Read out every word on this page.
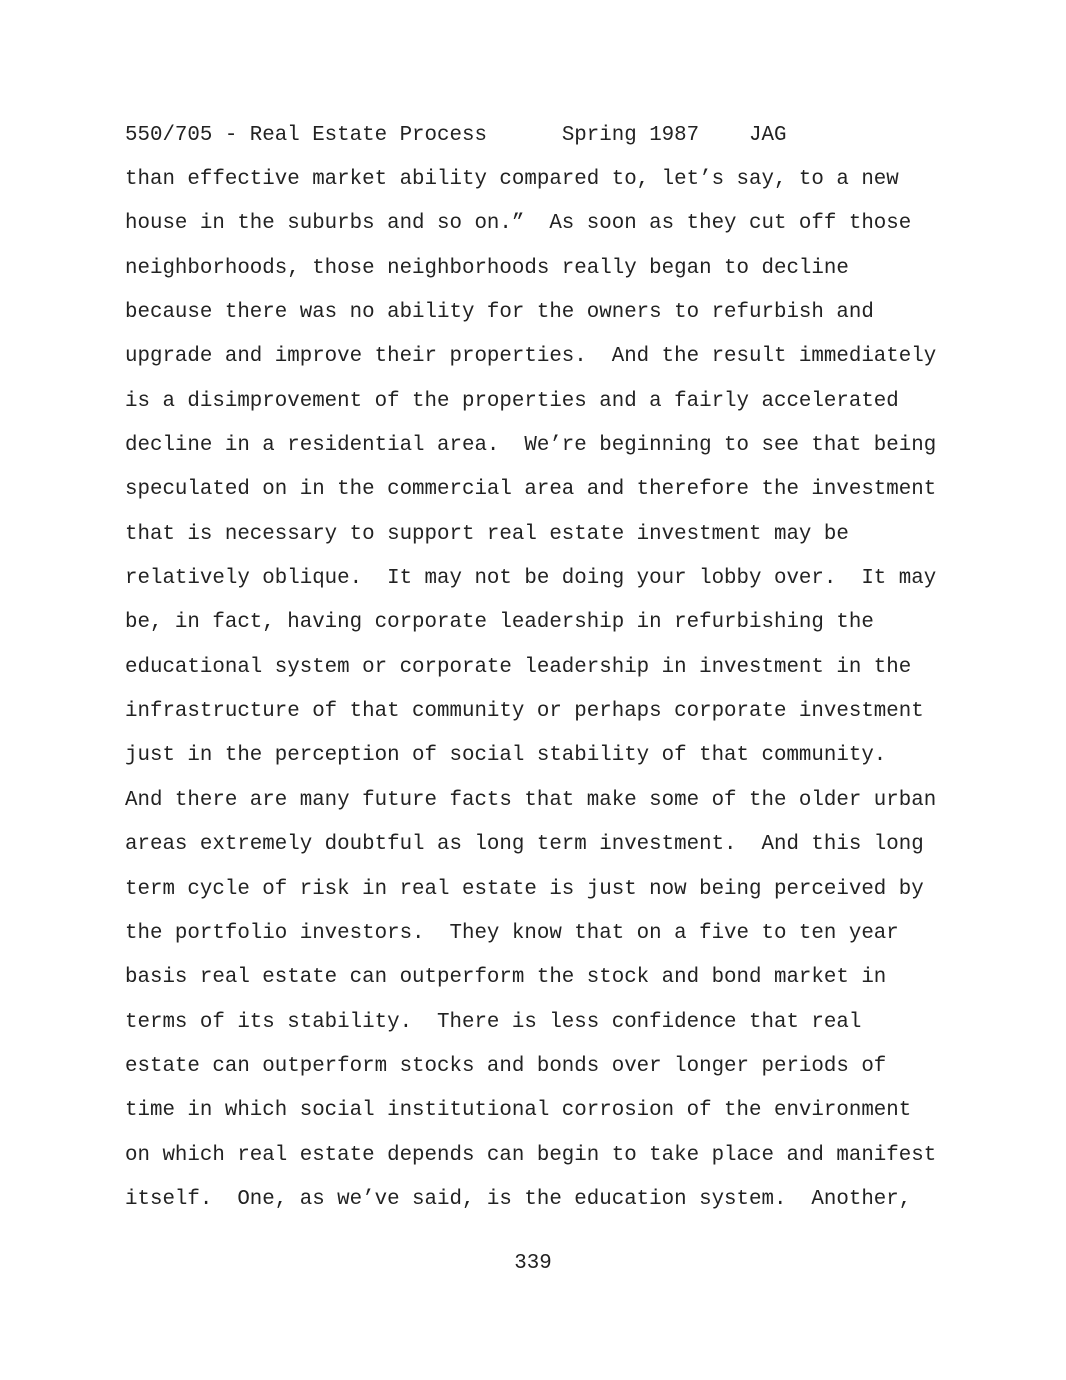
550/705 - Real Estate Process	Spring 1987 JAG
than effective market ability compared to, let’s say, to a new
house in the suburbs and so on.”  As soon as they cut off those
neighborhoods, those neighborhoods really began to decline
because there was no ability for the owners to refurbish and
upgrade and improve their properties.  And the result immediately
is a disimprovement of the properties and a fairly accelerated
decline in a residential area.  We’re beginning to see that being
speculated on in the commercial area and therefore the investment
that is necessary to support real estate investment may be
relatively oblique.  It may not be doing your lobby over.  It may
be, in fact, having corporate leadership in refurbishing the
educational system or corporate leadership in investment in the
infrastructure of that community or perhaps corporate investment
just in the perception of social stability of that community.
And there are many future facts that make some of the older urban
areas extremely doubtful as long term investment.  And this long
term cycle of risk in real estate is just now being perceived by
the portfolio investors.  They know that on a five to ten year
basis real estate can outperform the stock and bond market in
terms of its stability.  There is less confidence that real
estate can outperform stocks and bonds over longer periods of
time in which social institutional corrosion of the environment
on which real estate depends can begin to take place and manifest
itself.  One, as we’ve said, is the education system.  Another,
339
